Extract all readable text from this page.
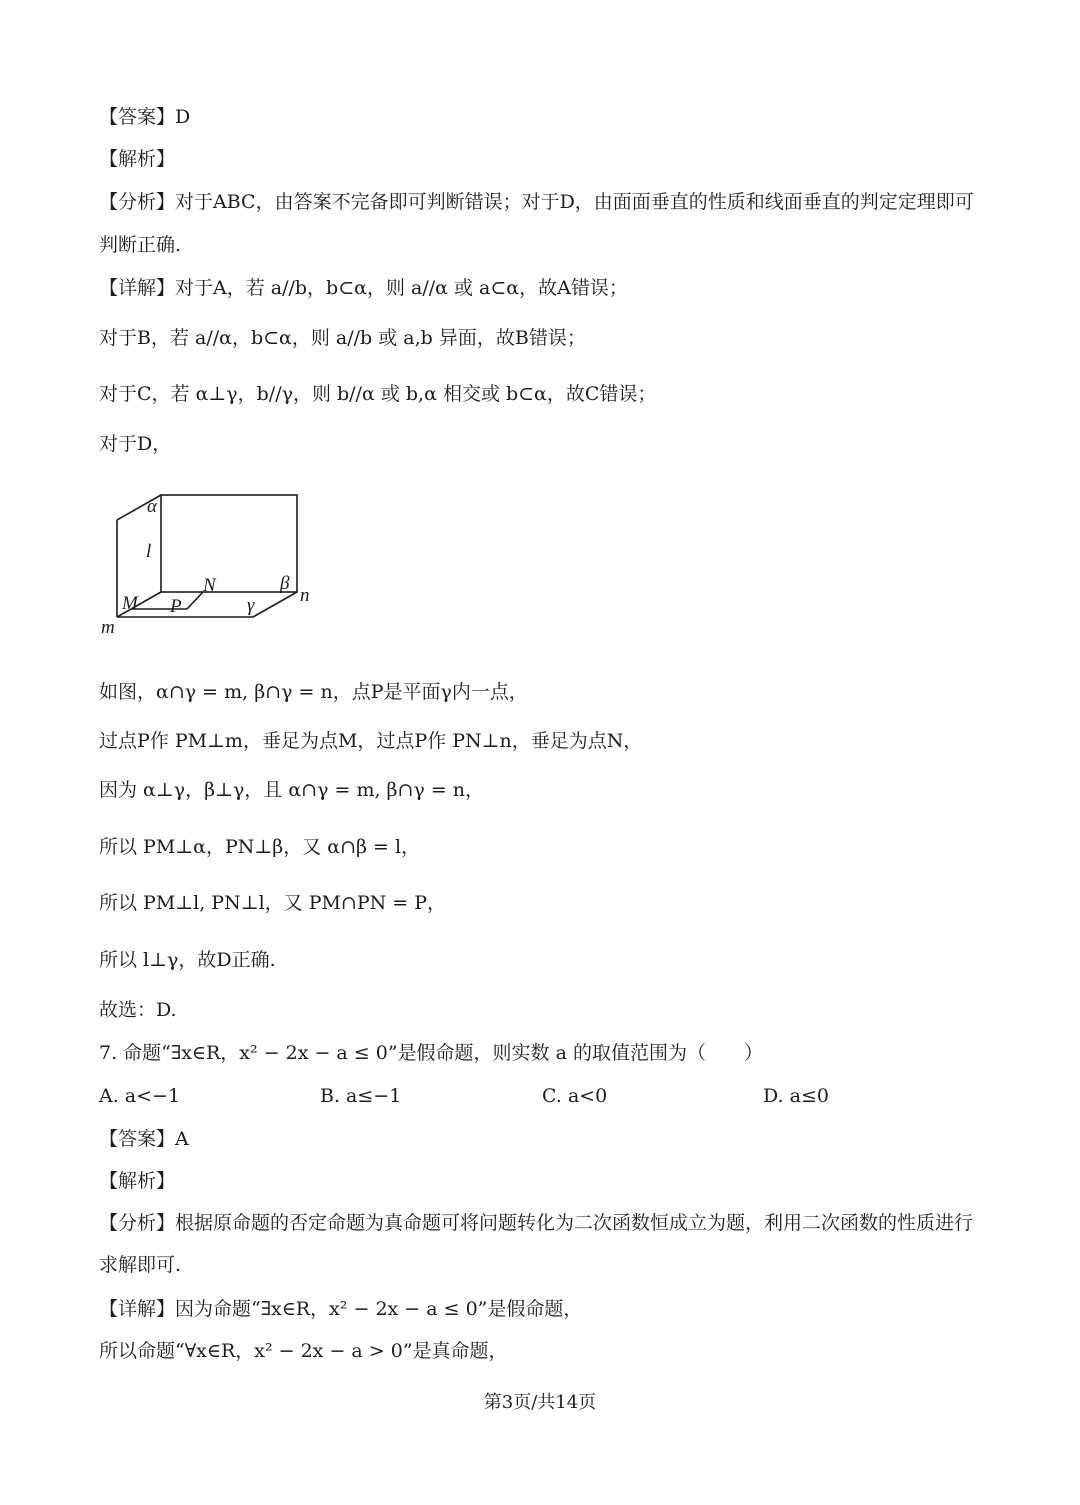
【答案】D
【解析】
【分析】对于ABC，由答案不完备即可判断错误；对于D，由面面垂直的性质和线面垂直的判定定理即可
判断正确.
【详解】对于A，若 a//b，b⊂α，则 a//α 或 a⊂α，故A错误；
对于B，若 a//α，b⊂α，则 a//b 或 a,b 异面，故B错误；
对于C，若 α⊥γ，b//γ，则 b//α 或 b,α 相交或 b⊂α，故C错误；
对于D，
α
l
N	β
n
M P	γ
m
如图，α∩γ = m, β∩γ = n，点P是平面γ内一点，
过点P作 PM⊥m，垂足为点M，过点P作 PN⊥n，垂足为点N，
因为 α⊥γ，β⊥γ，且 α∩γ = m, β∩γ = n，
所以 PM⊥α，PN⊥β，又 α∩β = l，
所以 PM⊥l, PN⊥l，又 PM∩PN = P，
所以 l⊥γ，故D正确.
故选：D.
7. 命题“∃x∈R，x² − 2x − a ≤ 0”是假命题，则实数 a 的取值范围为（　　）
A. a<−1	B. a≤−1	C. a<0	D. a≤0
【答案】A
【解析】
【分析】根据原命题的否定命题为真命题可将问题转化为二次函数恒成立为题，利用二次函数的性质进行
求解即可.
【详解】因为命题“∃x∈R，x² − 2x − a ≤ 0”是假命题，
所以命题“∀x∈R，x² − 2x − a > 0”是真命题，
第3页/共14页
